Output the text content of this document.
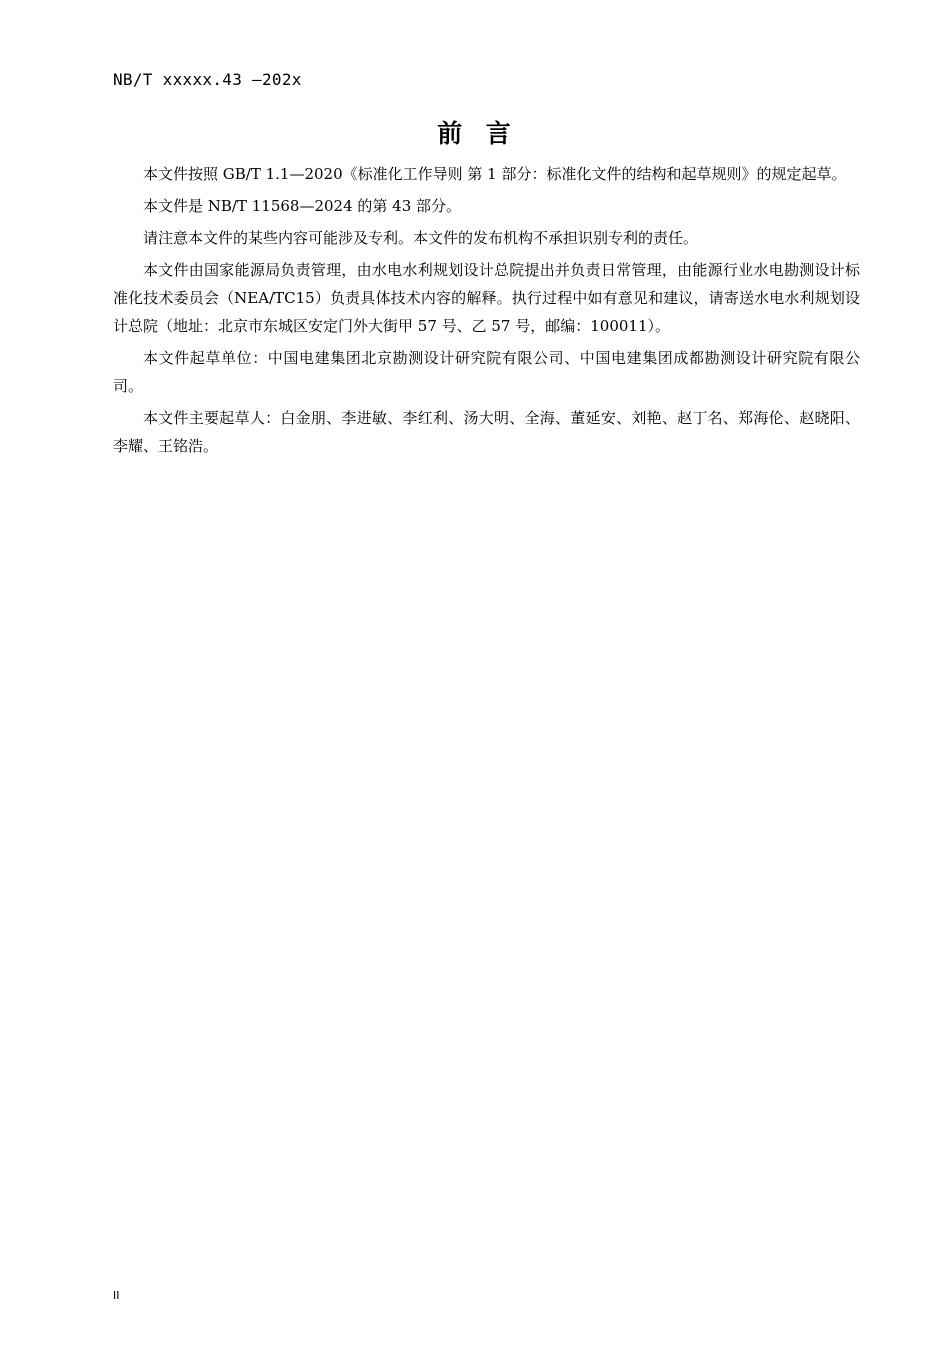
NB/T xxxxx.43 —202x
前  言

本文件按照 GB/T 1.1—2020《标准化工作导则 第 1 部分：标准化文件的结构和起草规则》的规定起草。

本文件是 NB/T 11568—2024 的第 43 部分。

请注意本文件的某些内容可能涉及专利。本文件的发布机构不承担识别专利的责任。

本文件由国家能源局负责管理，由水电水利规划设计总院提出并负责日常管理，由能源行业水电勘测设计标准化技术委员会（NEA/TC15）负责具体技术内容的解释。执行过程中如有意见和建议，请寄送水电水利规划设计总院（地址：北京市东城区安定门外大街甲 57 号、乙 57 号，邮编：100011）。

本文件起草单位：中国电建集团北京勘测设计研究院有限公司、中国电建集团成都勘测设计研究院有限公司。

本文件主要起草人：白金朋、李进敏、李红利、汤大明、全海、董延安、刘艳、赵丁名、郑海伦、赵晓阳、李耀、王铭浩。

II
